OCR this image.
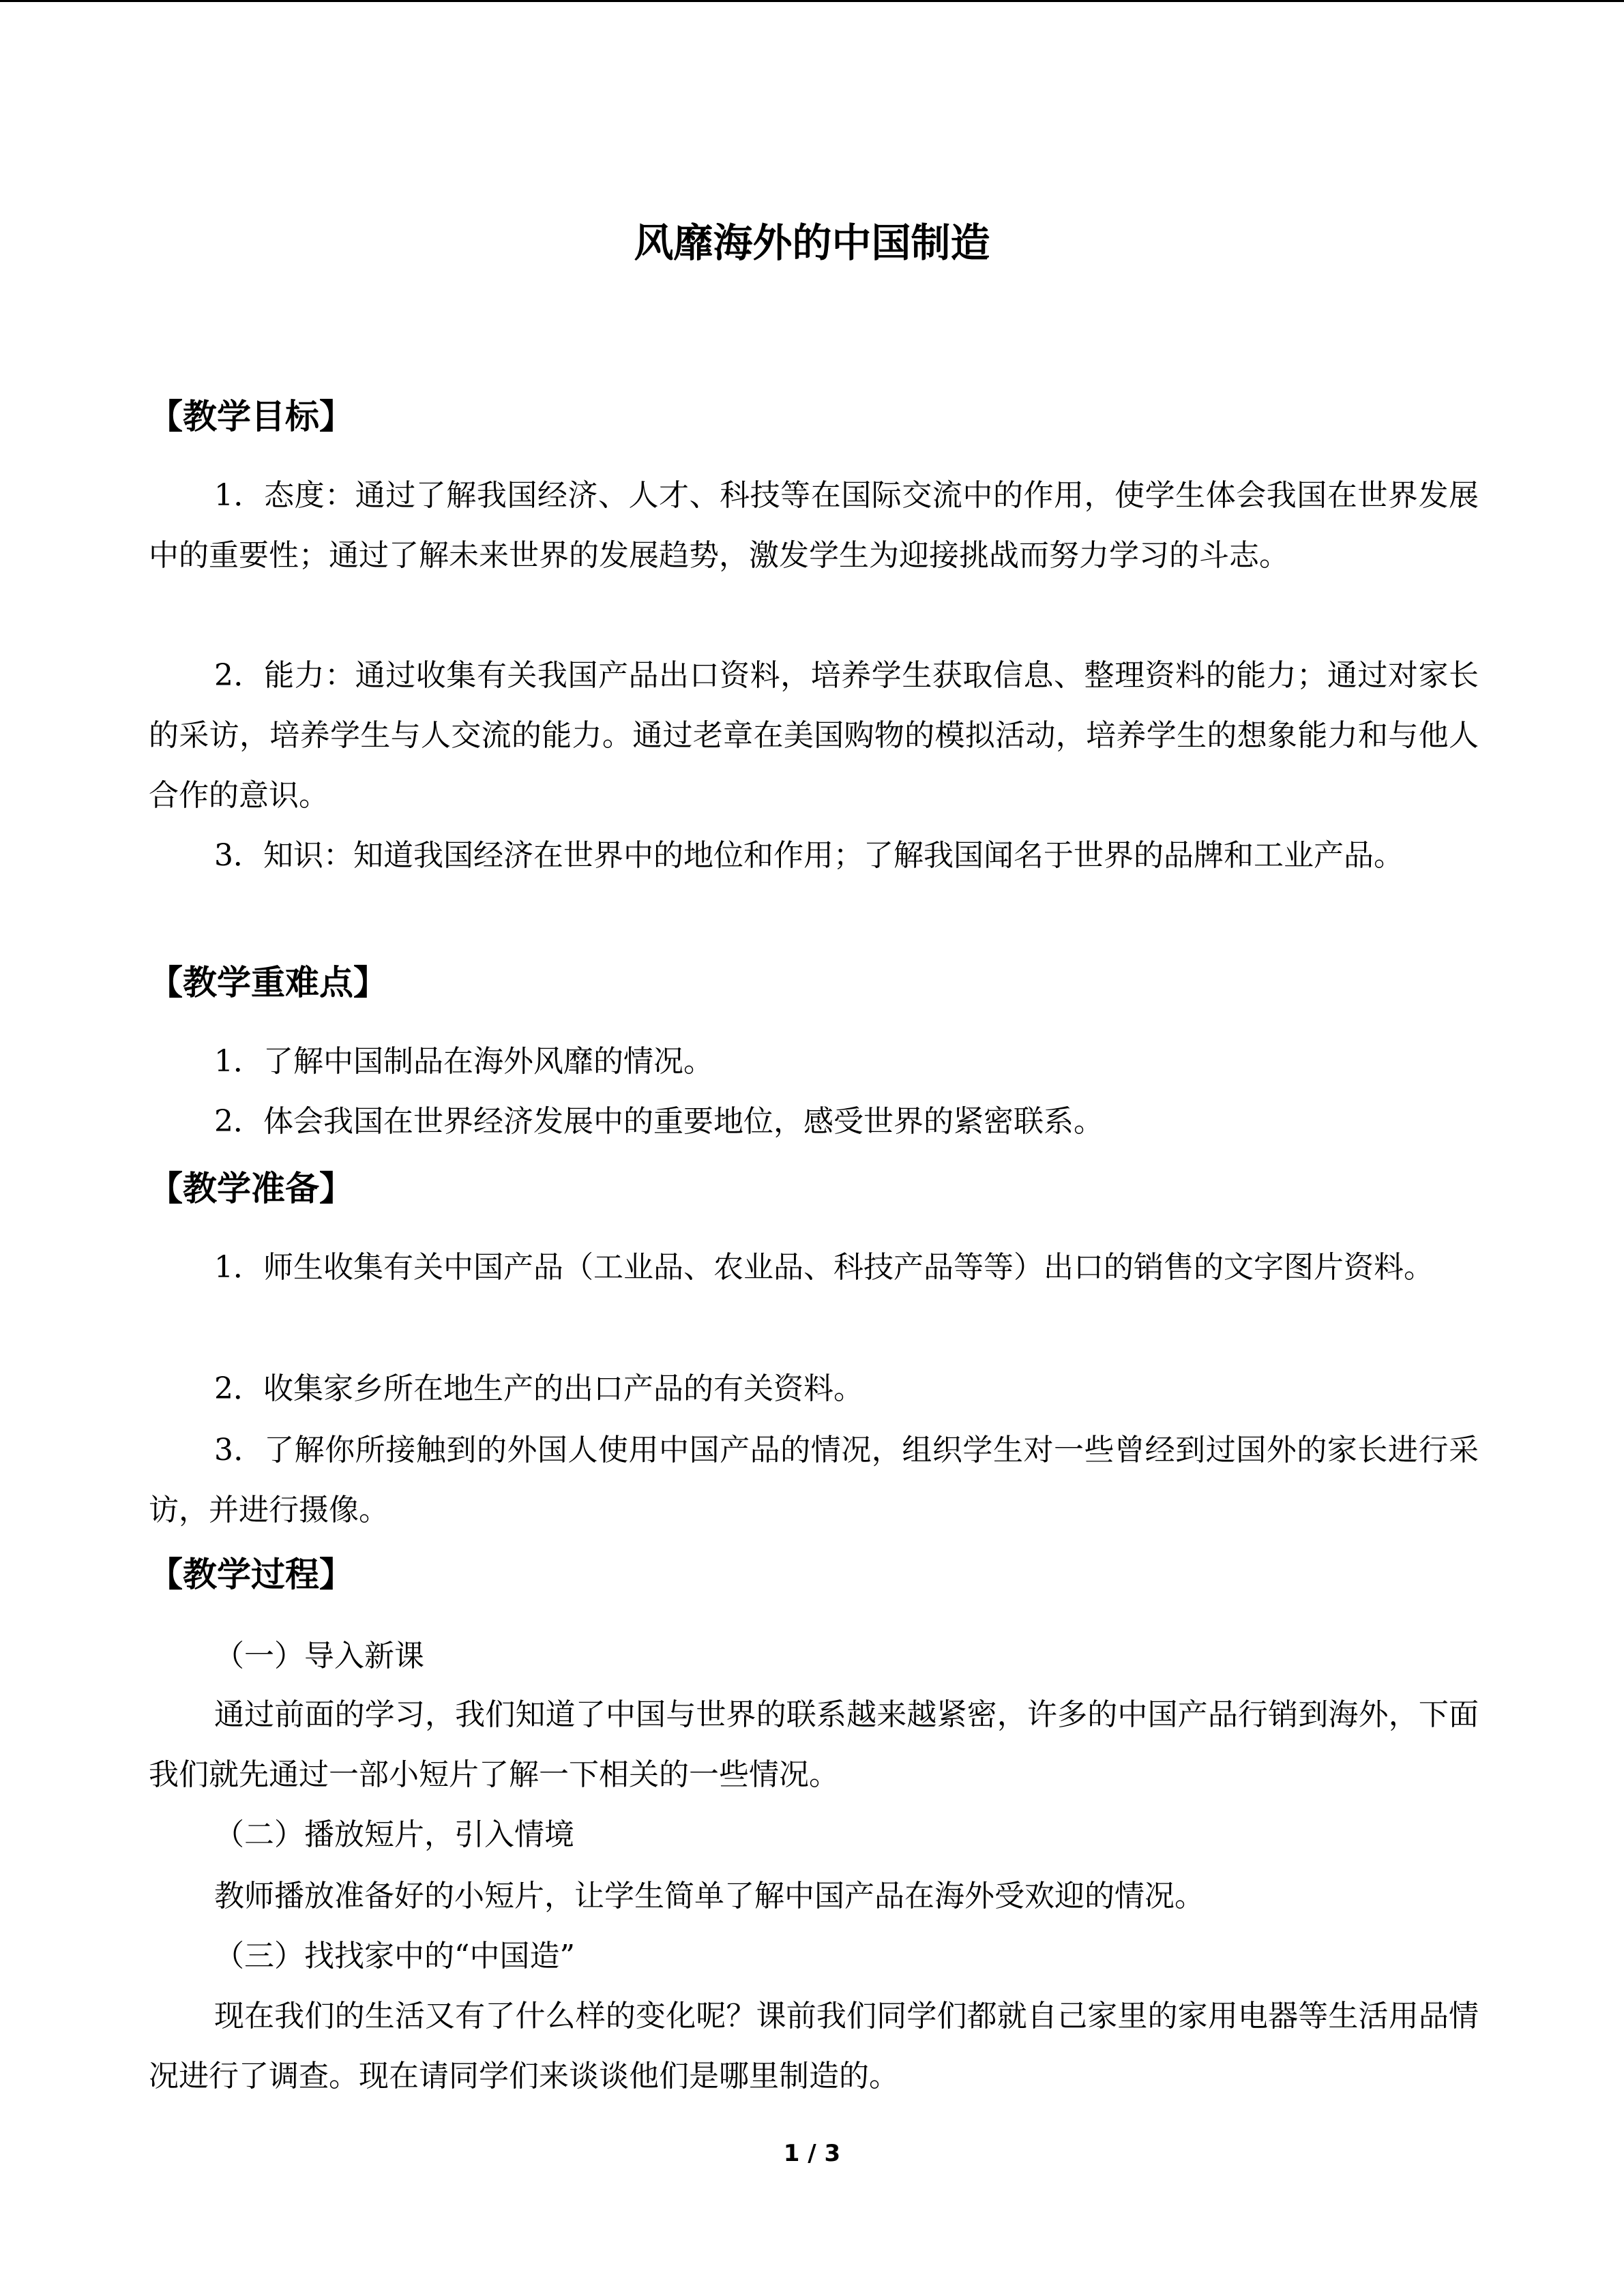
风靡海外的中国制造
【教学目标】

1．态度：通过了解我国经济、人才、科技等在国际交流中的作用，使学生体会我国在世界发展中的重要性；通过了解未来世界的发展趋势，激发学生为迎接挑战而努力学习的斗志。

2．能力：通过收集有关我国产品出口资料，培养学生获取信息、整理资料的能力；通过对家长的采访，培养学生与人交流的能力。通过老章在美国购物的模拟活动，培养学生的想象能力和与他人合作的意识。

3．知识：知道我国经济在世界中的地位和作用；了解我国闻名于世界的品牌和工业产品。

【教学重难点】

1．了解中国制品在海外风靡的情况。

2．体会我国在世界经济发展中的重要地位，感受世界的紧密联系。

【教学准备】

1．师生收集有关中国产品（工业品、农业品、科技产品等等）出口的销售的文字图片资料。

2．收集家乡所在地生产的出口产品的有关资料。

3．了解你所接触到的外国人使用中国产品的情况，组织学生对一些曾经到过国外的家长进行采访，并进行摄像。

【教学过程】

（一）导入新课

通过前面的学习，我们知道了中国与世界的联系越来越紧密，许多的中国产品行销到海外，下面我们就先通过一部小短片了解一下相关的一些情况。

（二）播放短片，引入情境

教师播放准备好的小短片，让学生简单了解中国产品在海外受欢迎的情况。

（三）找找家中的“中国造”

现在我们的生活又有了什么样的变化呢？课前我们同学们都就自己家里的家用电器等生活用品情况进行了调查。现在请同学们来谈谈他们是哪里制造的。

1 / 3
